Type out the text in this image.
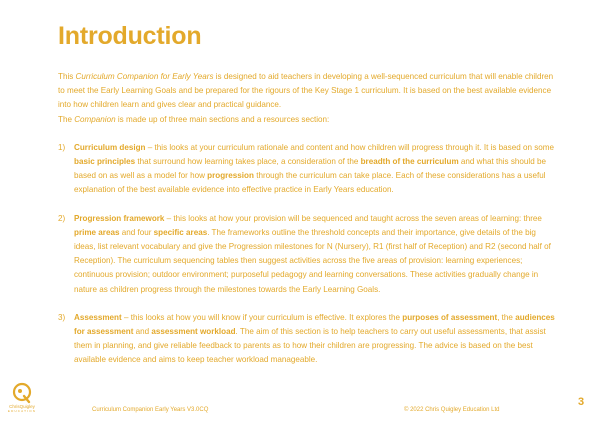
Introduction

This Curriculum Companion for Early Years is designed to aid teachers in developing a well-sequenced curriculum that will enable children to meet the Early Learning Goals and be prepared for the rigours of the Key Stage 1 curriculum. It is based on the best available evidence into how children learn and gives clear and practical guidance.

The Companion is made up of three main sections and a resources section:

1)	Curriculum design – this looks at your curriculum rationale and content and how children will progress through it. It is based on some basic principles that surround how learning takes place, a consideration of the breadth of the curriculum and what this should be based on as well as a model for how progression through the curriculum can take place. Each of these considerations has a useful explanation of the best available evidence into effective practice in Early Years education.

2)	Progression framework – this looks at how your provision will be sequenced and taught across the seven areas of learning: three prime areas and four specific areas. The frameworks outline the threshold concepts and their importance, give details of the big ideas, list relevant vocabulary and give the Progression milestones for N (Nursery), R1 (first half of Reception) and R2 (second half of Reception). The curriculum sequencing tables then suggest activities across the five areas of provision: learning experiences; continuous provision; outdoor environment; purposeful pedagogy and learning conversations. These activities gradually change in nature as children progress through the milestones towards the Early Learning Goals.

3)	Assessment – this looks at how you will know if your curriculum is effective. It explores the purposes of assessment, the audiences for assessment and assessment workload. The aim of this section is to help teachers to carry out useful assessments, that assist them in planning, and give reliable feedback to parents as to how their children are progressing. The advice is based on the best available evidence and aims to keep teacher workload manageable.

ChrisQuigley
EDUCATION	Curriculum Companion Early Years V3.0CQ	© 2022 Chris Quigley Education Ltd
3
